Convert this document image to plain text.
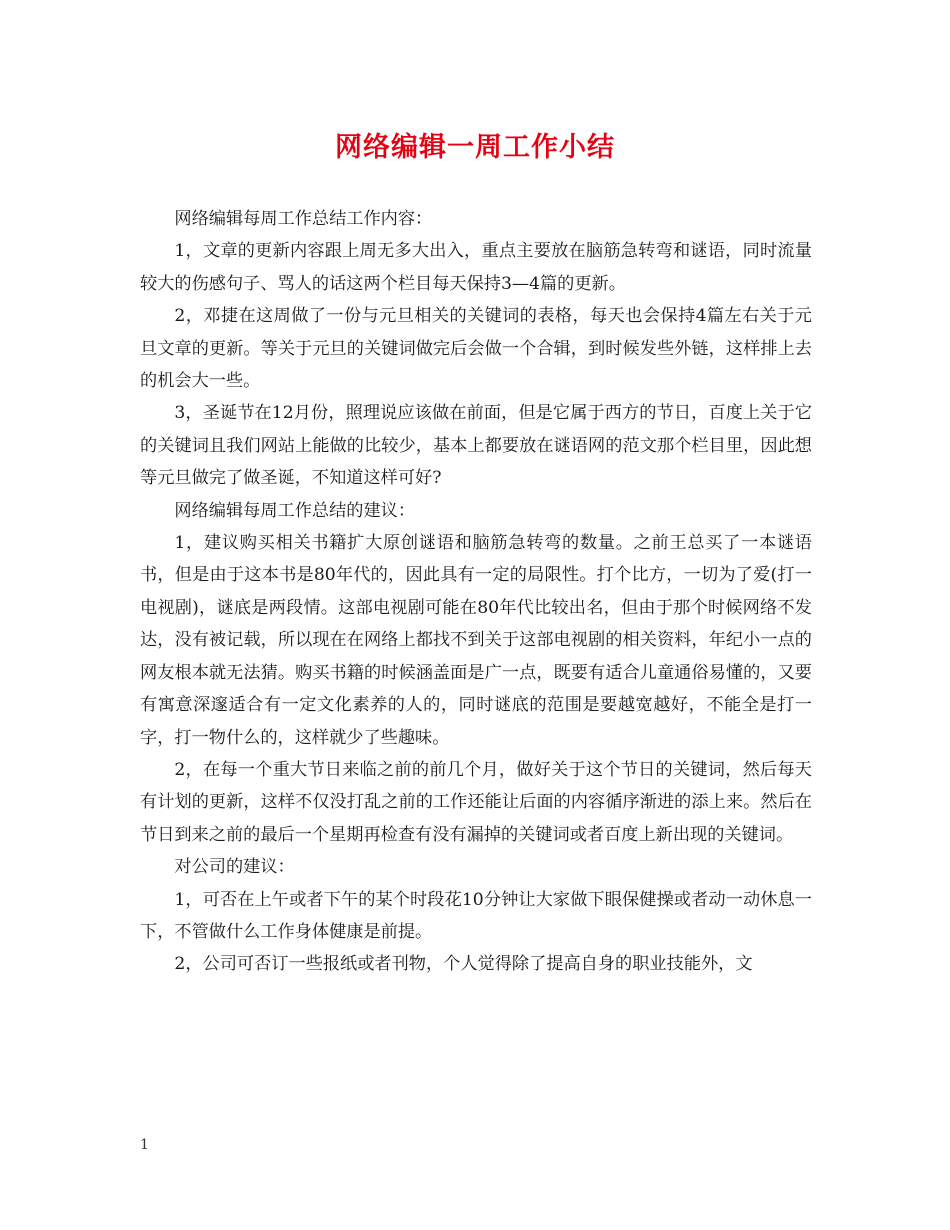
网络编辑一周工作小结

网络编辑每周工作总结工作内容：

1，文章的更新内容跟上周无多大出入，重点主要放在脑筋急转弯和谜语，同时流量较大的伤感句子、骂人的话这两个栏目每天保持3—4篇的更新。

2，邓捷在这周做了一份与元旦相关的关键词的表格，每天也会保持4篇左右关于元旦文章的更新。等关于元旦的关键词做完后会做一个合辑，到时候发些外链，这样排上去的机会大一些。

3，圣诞节在12月份，照理说应该做在前面，但是它属于西方的节日，百度上关于它的关键词且我们网站上能做的比较少，基本上都要放在谜语网的范文那个栏目里，因此想等元旦做完了做圣诞，不知道这样可好?

网络编辑每周工作总结的建议：

1，建议购买相关书籍扩大原创谜语和脑筋急转弯的数量。之前王总买了一本谜语书，但是由于这本书是80年代的，因此具有一定的局限性。打个比方，一切为了爱(打一电视剧)，谜底是两段情。这部电视剧可能在80年代比较出名，但由于那个时候网络不发达，没有被记载，所以现在在网络上都找不到关于这部电视剧的相关资料，年纪小一点的网友根本就无法猜。购买书籍的时候涵盖面是广一点，既要有适合儿童通俗易懂的，又要有寓意深邃适合有一定文化素养的人的，同时谜底的范围是要越宽越好，不能全是打一字，打一物什么的，这样就少了些趣味。

2，在每一个重大节日来临之前的前几个月，做好关于这个节日的关键词，然后每天有计划的更新，这样不仅没打乱之前的工作还能让后面的内容循序渐进的添上来。然后在节日到来之前的最后一个星期再检查有没有漏掉的关键词或者百度上新出现的关键词。

对公司的建议：

1，可否在上午或者下午的某个时段花10分钟让大家做下眼保健操或者动一动休息一下，不管做什么工作身体健康是前提。

2，公司可否订一些报纸或者刊物，个人觉得除了提高自身的职业技能外，文

1
